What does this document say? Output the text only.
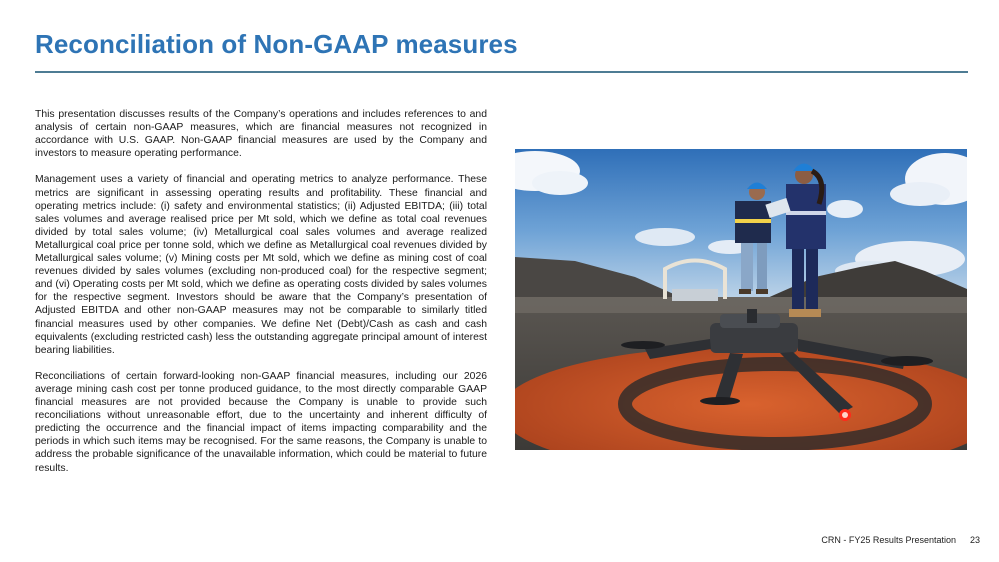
Reconciliation of Non-GAAP measures

This presentation discusses results of the Company’s operations and includes references to and analysis of certain non-GAAP measures, which are financial measures not recognized in accordance with U.S. GAAP. Non-GAAP financial measures are used by the Company and investors to measure operating performance.

Management uses a variety of financial and operating metrics to analyze performance. These metrics are significant in assessing operating results and profitability. These financial and operating metrics include: (i) safety and environmental statistics; (ii) Adjusted EBITDA; (iii) total sales volumes and average realised price per Mt sold, which we define as total coal revenues divided by total sales volume; (iv) Metallurgical coal sales volumes and average realized Metallurgical coal price per tonne sold, which we define as Metallurgical coal revenues divided by Metallurgical sales volume; (v) Mining costs per Mt sold, which we define as mining cost of coal revenues divided by sales volumes (excluding non-produced coal) for the respective segment; and (vi) Operating costs per Mt sold, which we define as operating costs divided by sales volumes for the respective segment. Investors should be aware that the Company’s presentation of Adjusted EBITDA and other non-GAAP measures may not be comparable to similarly titled financial measures used by other companies. We define Net (Debt)/Cash as cash and cash equivalents (excluding restricted cash) less the outstanding aggregate principal amount of interest bearing liabilities.

Reconciliations of certain forward-looking non-GAAP financial measures, including our 2026 average mining cash cost per tonne produced guidance, to the most directly comparable GAAP financial measures are not provided because the Company is unable to provide such reconciliations without unreasonable effort, due to the uncertainty and inherent difficulty of predicting the occurrence and the financial impact of items impacting comparability and the periods in which such items may be recognised. For the same reasons, the Company is unable to address the probable significance of the unavailable information, which could be material to future results.

CRN - FY25 Results Presentation 23
